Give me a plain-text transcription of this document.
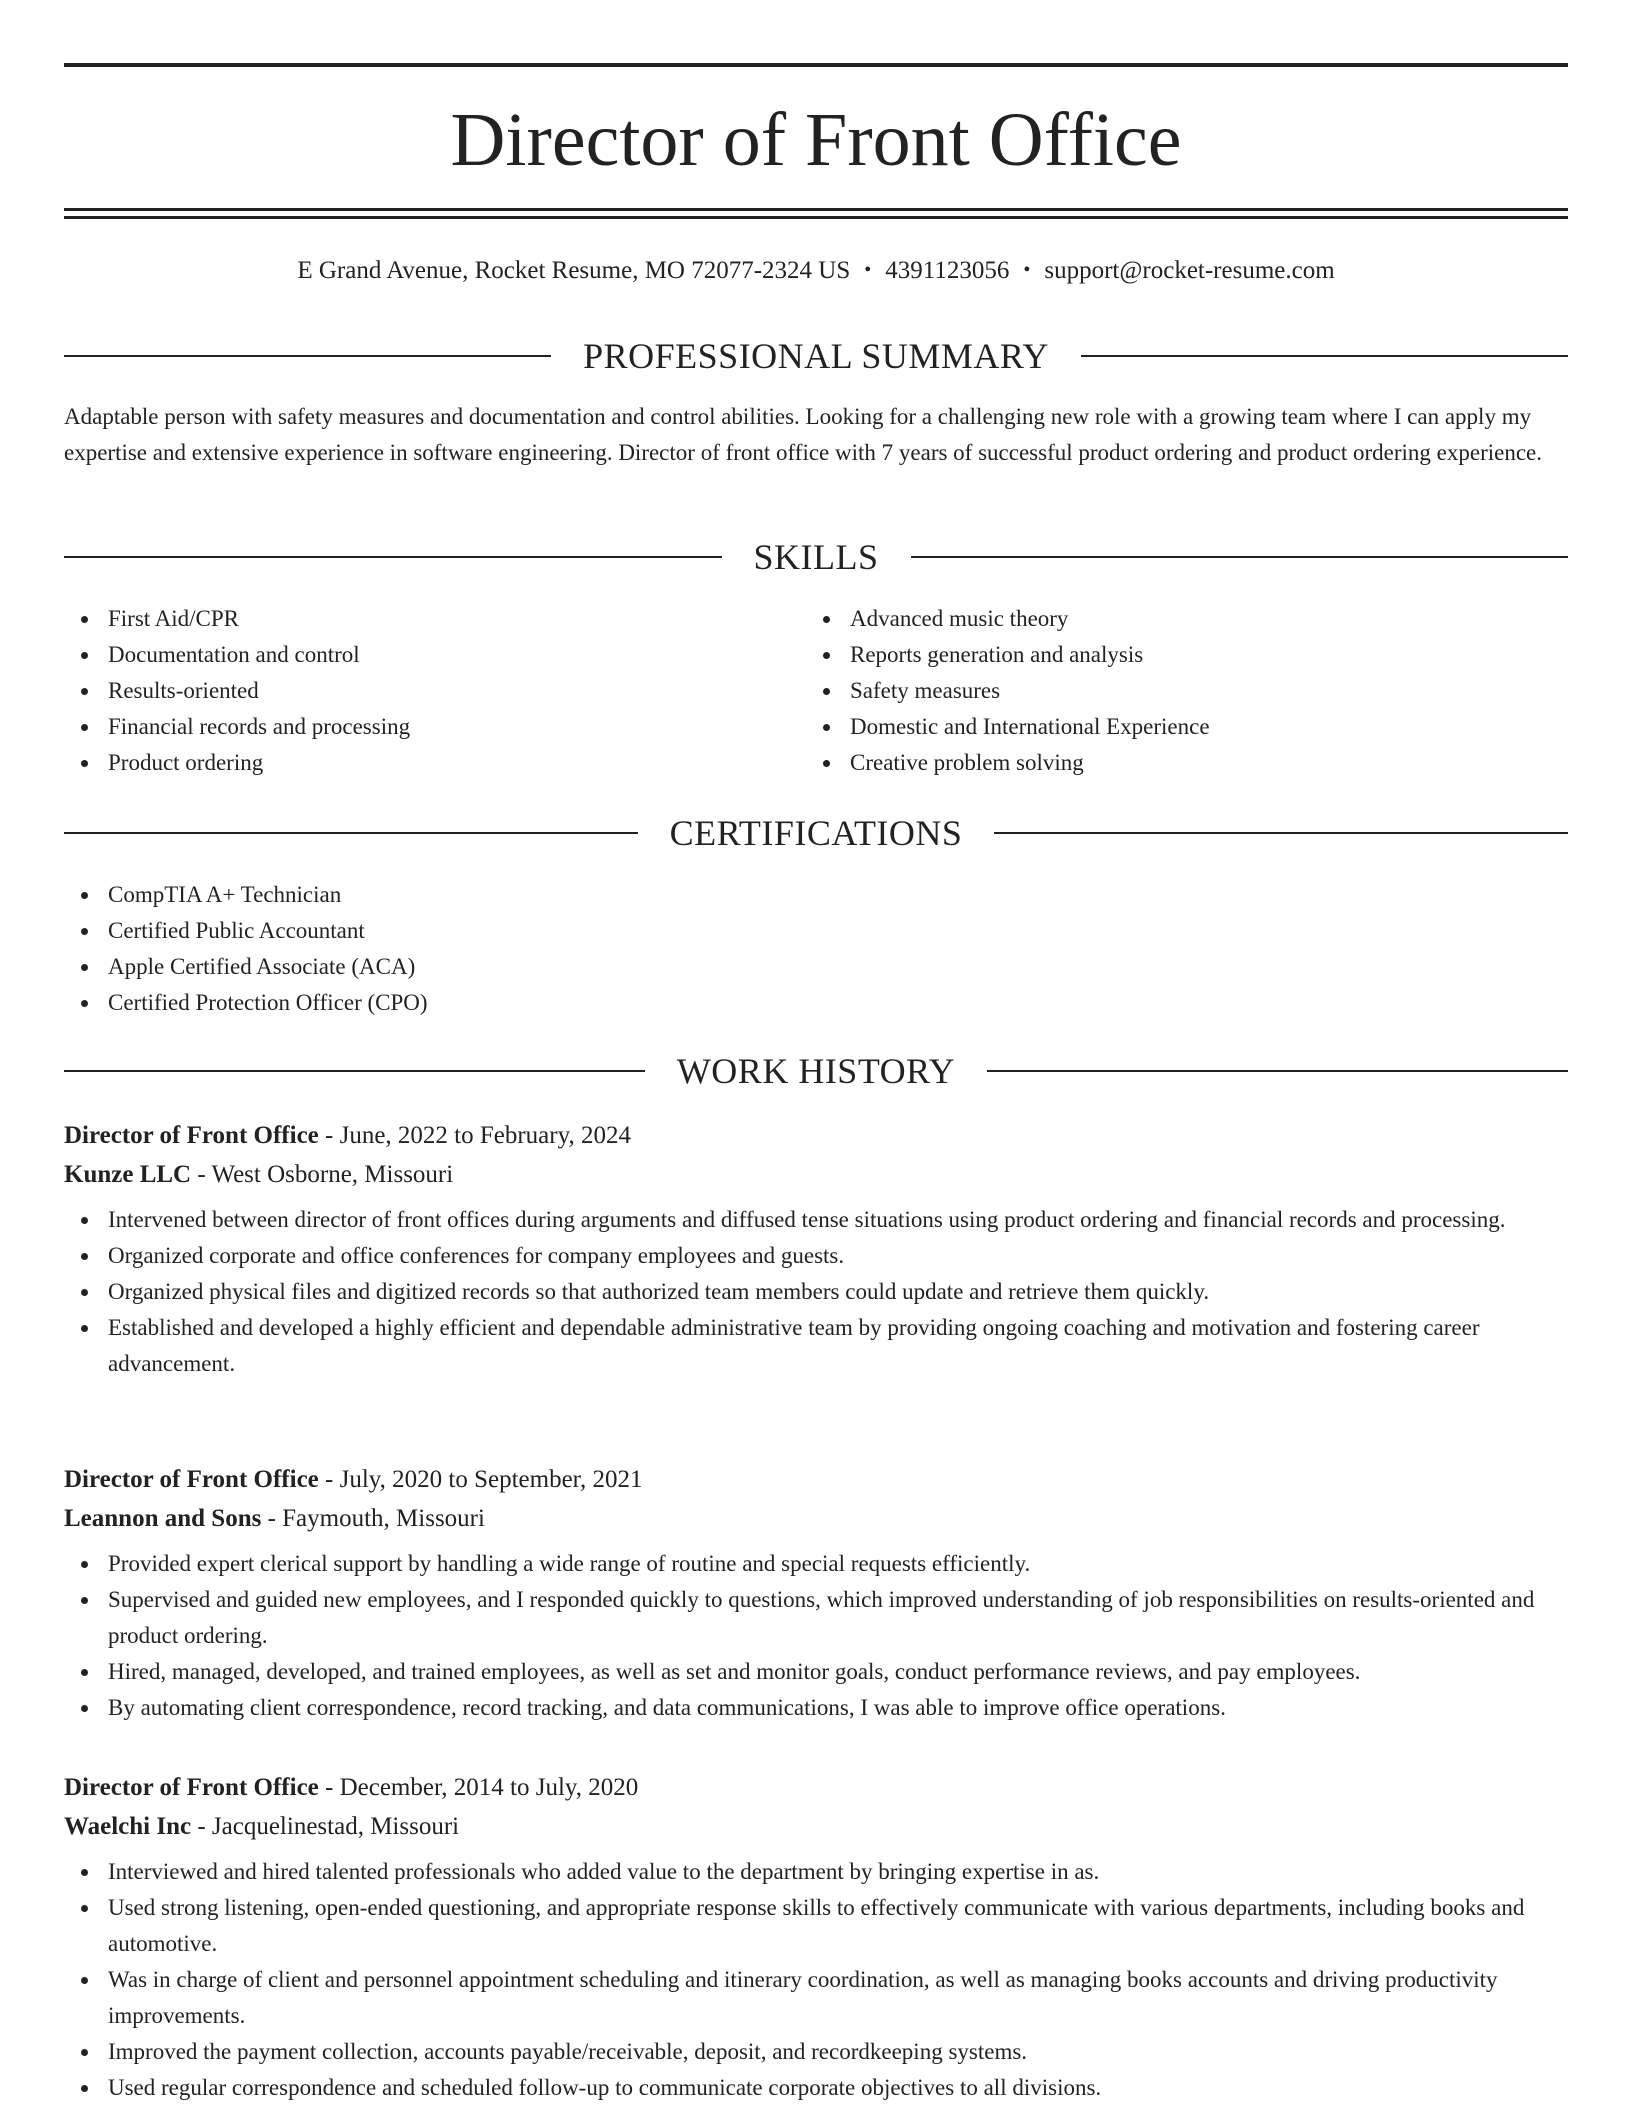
Director of Front Office
E Grand Avenue, Rocket Resume, MO 72077-2324 US • 4391123056 • support@rocket-resume.com
PROFESSIONAL SUMMARY

Adaptable person with safety measures and documentation and control abilities. Looking for a challenging new role with a growing team where I can apply my expertise and extensive experience in software engineering. Director of front office with 7 years of successful product ordering and product ordering experience.

SKILLS
First Aid/CPR
Documentation and control
Results-oriented
Financial records and processing
Product ordering
Advanced music theory
Reports generation and analysis
Safety measures
Domestic and International Experience
Creative problem solving
CERTIFICATIONS
CompTIA A+ Technician
Certified Public Accountant
Apple Certified Associate (ACA)
Certified Protection Officer (CPO)
WORK HISTORY
Director of Front Office - June, 2022 to February, 2024
Kunze LLC - West Osborne, Missouri
Intervened between director of front offices during arguments and diffused tense situations using product ordering and financial records and processing.
Organized corporate and office conferences for company employees and guests.
Organized physical files and digitized records so that authorized team members could update and retrieve them quickly.
Established and developed a highly efficient and dependable administrative team by providing ongoing coaching and motivation and fostering career advancement.
Director of Front Office - July, 2020 to September, 2021
Leannon and Sons - Faymouth, Missouri
Provided expert clerical support by handling a wide range of routine and special requests efficiently.
Supervised and guided new employees, and I responded quickly to questions, which improved understanding of job responsibilities on results-oriented and product ordering.
Hired, managed, developed, and trained employees, as well as set and monitor goals, conduct performance reviews, and pay employees.
By automating client correspondence, record tracking, and data communications, I was able to improve office operations.
Director of Front Office - December, 2014 to July, 2020
Waelchi Inc - Jacquelinestad, Missouri
Interviewed and hired talented professionals who added value to the department by bringing expertise in as.
Used strong listening, open-ended questioning, and appropriate response skills to effectively communicate with various departments, including books and automotive.
Was in charge of client and personnel appointment scheduling and itinerary coordination, as well as managing books accounts and driving productivity improvements.
Improved the payment collection, accounts payable/receivable, deposit, and recordkeeping systems.
Used regular correspondence and scheduled follow-up to communicate corporate objectives to all divisions.
